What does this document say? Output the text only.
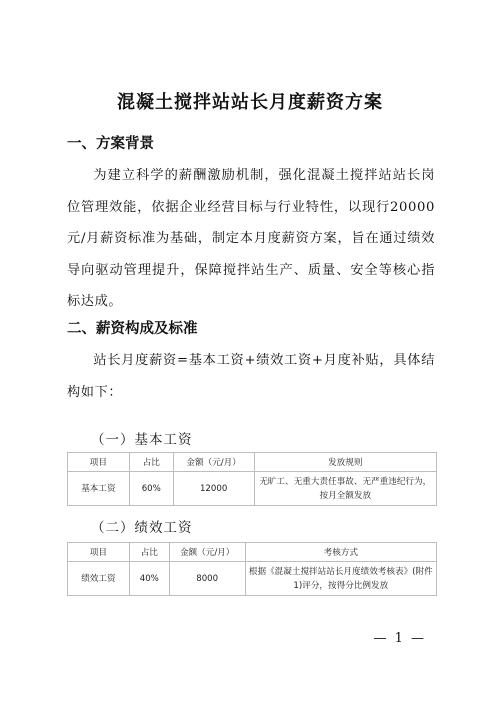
混凝土搅拌站站长月度薪资方案
一、方案背景
为建立科学的薪酬激励机制，强化混凝土搅拌站站长岗位管理效能，依据企业经营目标与行业特性，以现行20000元/月薪资标准为基础，制定本月度薪资方案，旨在通过绩效导向驱动管理提升，保障搅拌站生产、质量、安全等核心指标达成。
二、薪资构成及标准
站长月度薪资=基本工资+绩效工资+月度补贴，具体结构如下：
（一）基本工资
项目	占比	金额（元/月）	发放规则
基本工资	60%	12000	无旷工、无重大责任事故、无严重违纪行为，按月全额发放
（二）绩效工资
项目	占比	金额（元/月）	考核方式
绩效工资	40%	8000	根据《混凝土搅拌站站长月度绩效考核表》(附件1)评分，按得分比例发放
— 1 —
